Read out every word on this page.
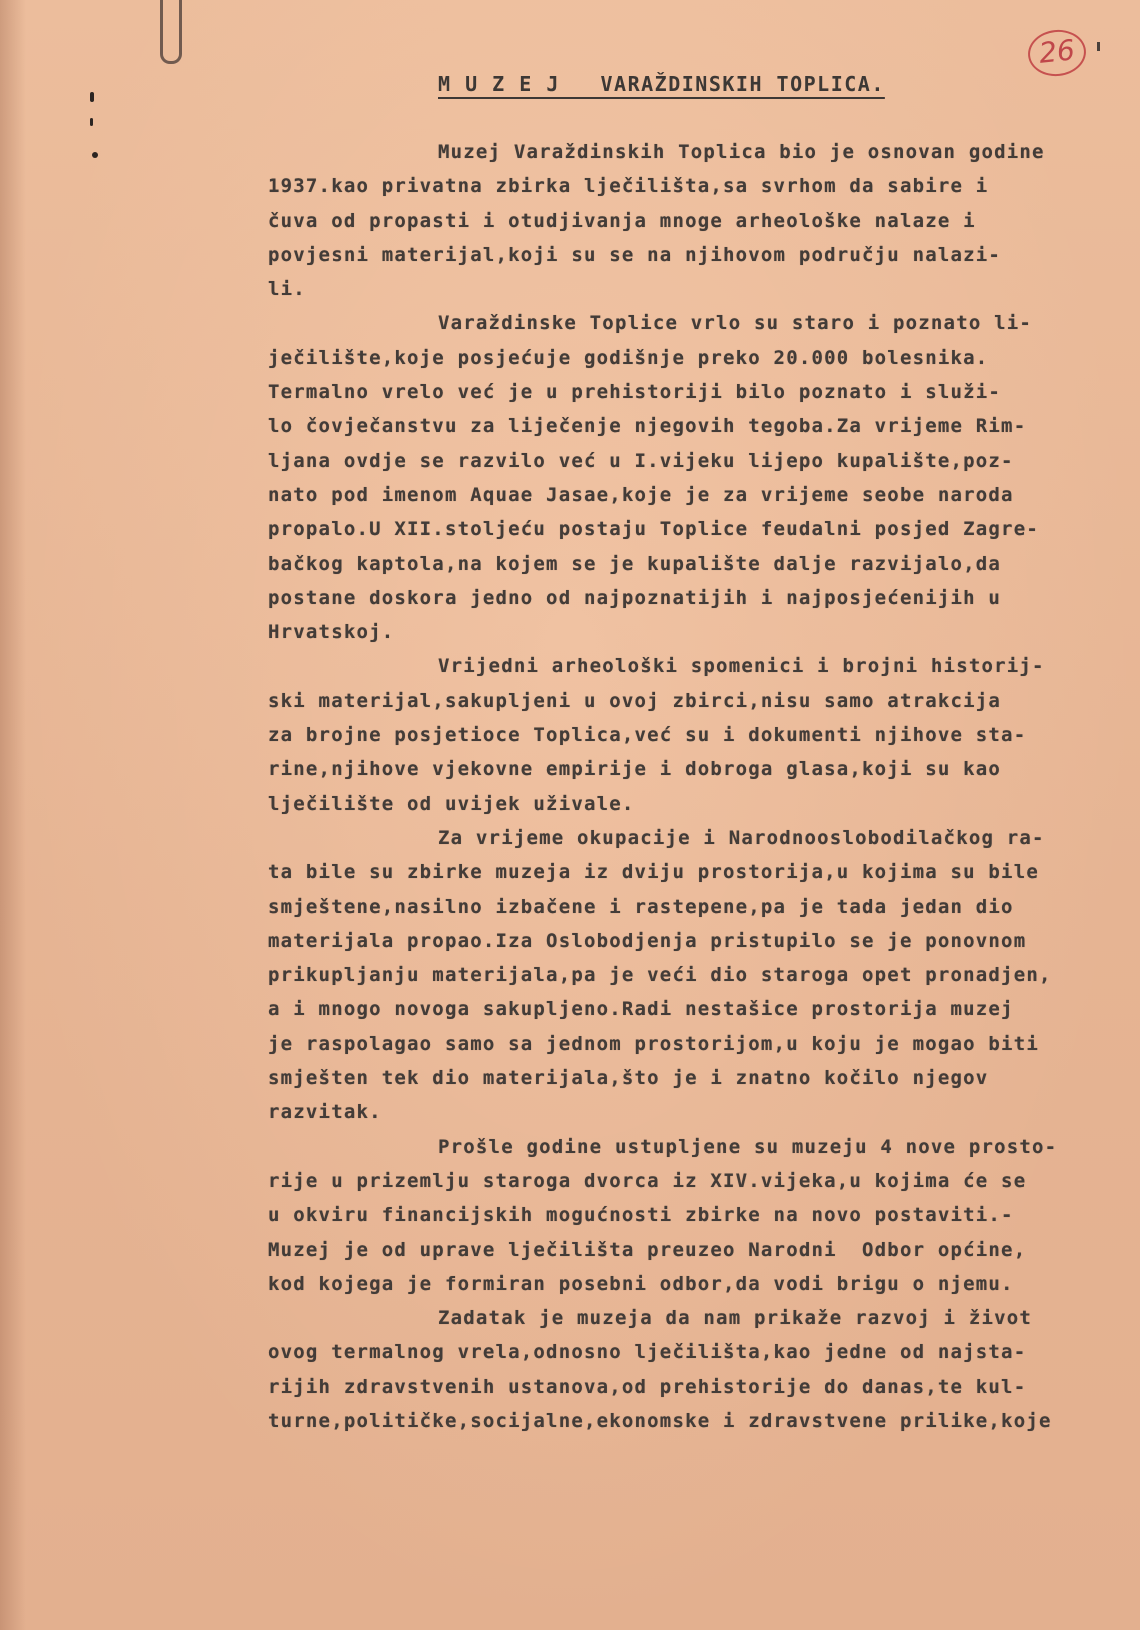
26
M U Z E J   VARAŽDINSKIH TOPLICA.
Muzej Varaždinskih Toplica bio je osnovan godine
1937.kao privatna zbirka lječilišta,sa svrhom da sabire i
čuva od propasti i otudjivanja mnoge arheološke nalaze i
povjesni materijal,koji su se na njihovom području nalazi-
li.
Varaždinske Toplice vrlo su staro i poznato li-
ječilište,koje posjećuje godišnje preko 20.000 bolesnika.
Termalno vrelo već je u prehistoriji bilo poznato i služi-
lo čovječanstvu za liječenje njegovih tegoba.Za vrijeme Rim-
ljana ovdje se razvilo već u I.vijeku lijepo kupalište,poz-
nato pod imenom Aquae Jasae,koje je za vrijeme seobe naroda
propalo.U XII.stoljeću postaju Toplice feudalni posjed Zagre-
bačkog kaptola,na kojem se je kupalište dalje razvijalo,da
postane doskora jedno od najpoznatijih i najposjećenijih u
Hrvatskoj.
Vrijedni arheološki spomenici i brojni historij-
ski materijal,sakupljeni u ovoj zbirci,nisu samo atrakcija
za brojne posjetioce Toplica,već su i dokumenti njihove sta-
rine,njihove vjekovne empirije i dobroga glasa,koji su kao
lječilište od uvijek uživale.
Za vrijeme okupacije i Narodnooslobodilačkog ra-
ta bile su zbirke muzeja iz dviju prostorija,u kojima su bile
smještene,nasilno izbačene i rastepene,pa je tada jedan dio
materijala propao.Iza Oslobodjenja pristupilo se je ponovnom
prikupljanju materijala,pa je veći dio staroga opet pronadjen,
a i mnogo novoga sakupljeno.Radi nestašice prostorija muzej
je raspolagao samo sa jednom prostorijom,u koju je mogao biti
smješten tek dio materijala,što je i znatno kočilo njegov
razvitak.
Prošle godine ustupljene su muzeju 4 nove prosto-
rije u prizemlju staroga dvorca iz XIV.vijeka,u kojima će se
u okviru financijskih mogućnosti zbirke na novo postaviti.-
Muzej je od uprave lječilišta preuzeo Narodni  Odbor općine,
kod kojega je formiran posebni odbor,da vodi brigu o njemu.
Zadatak je muzeja da nam prikaže razvoj i život
ovog termalnog vrela,odnosno lječilišta,kao jedne od najsta-
rijih zdravstvenih ustanova,od prehistorije do danas,te kul-
turne,političke,socijalne,ekonomske i zdravstvene prilike,koje
